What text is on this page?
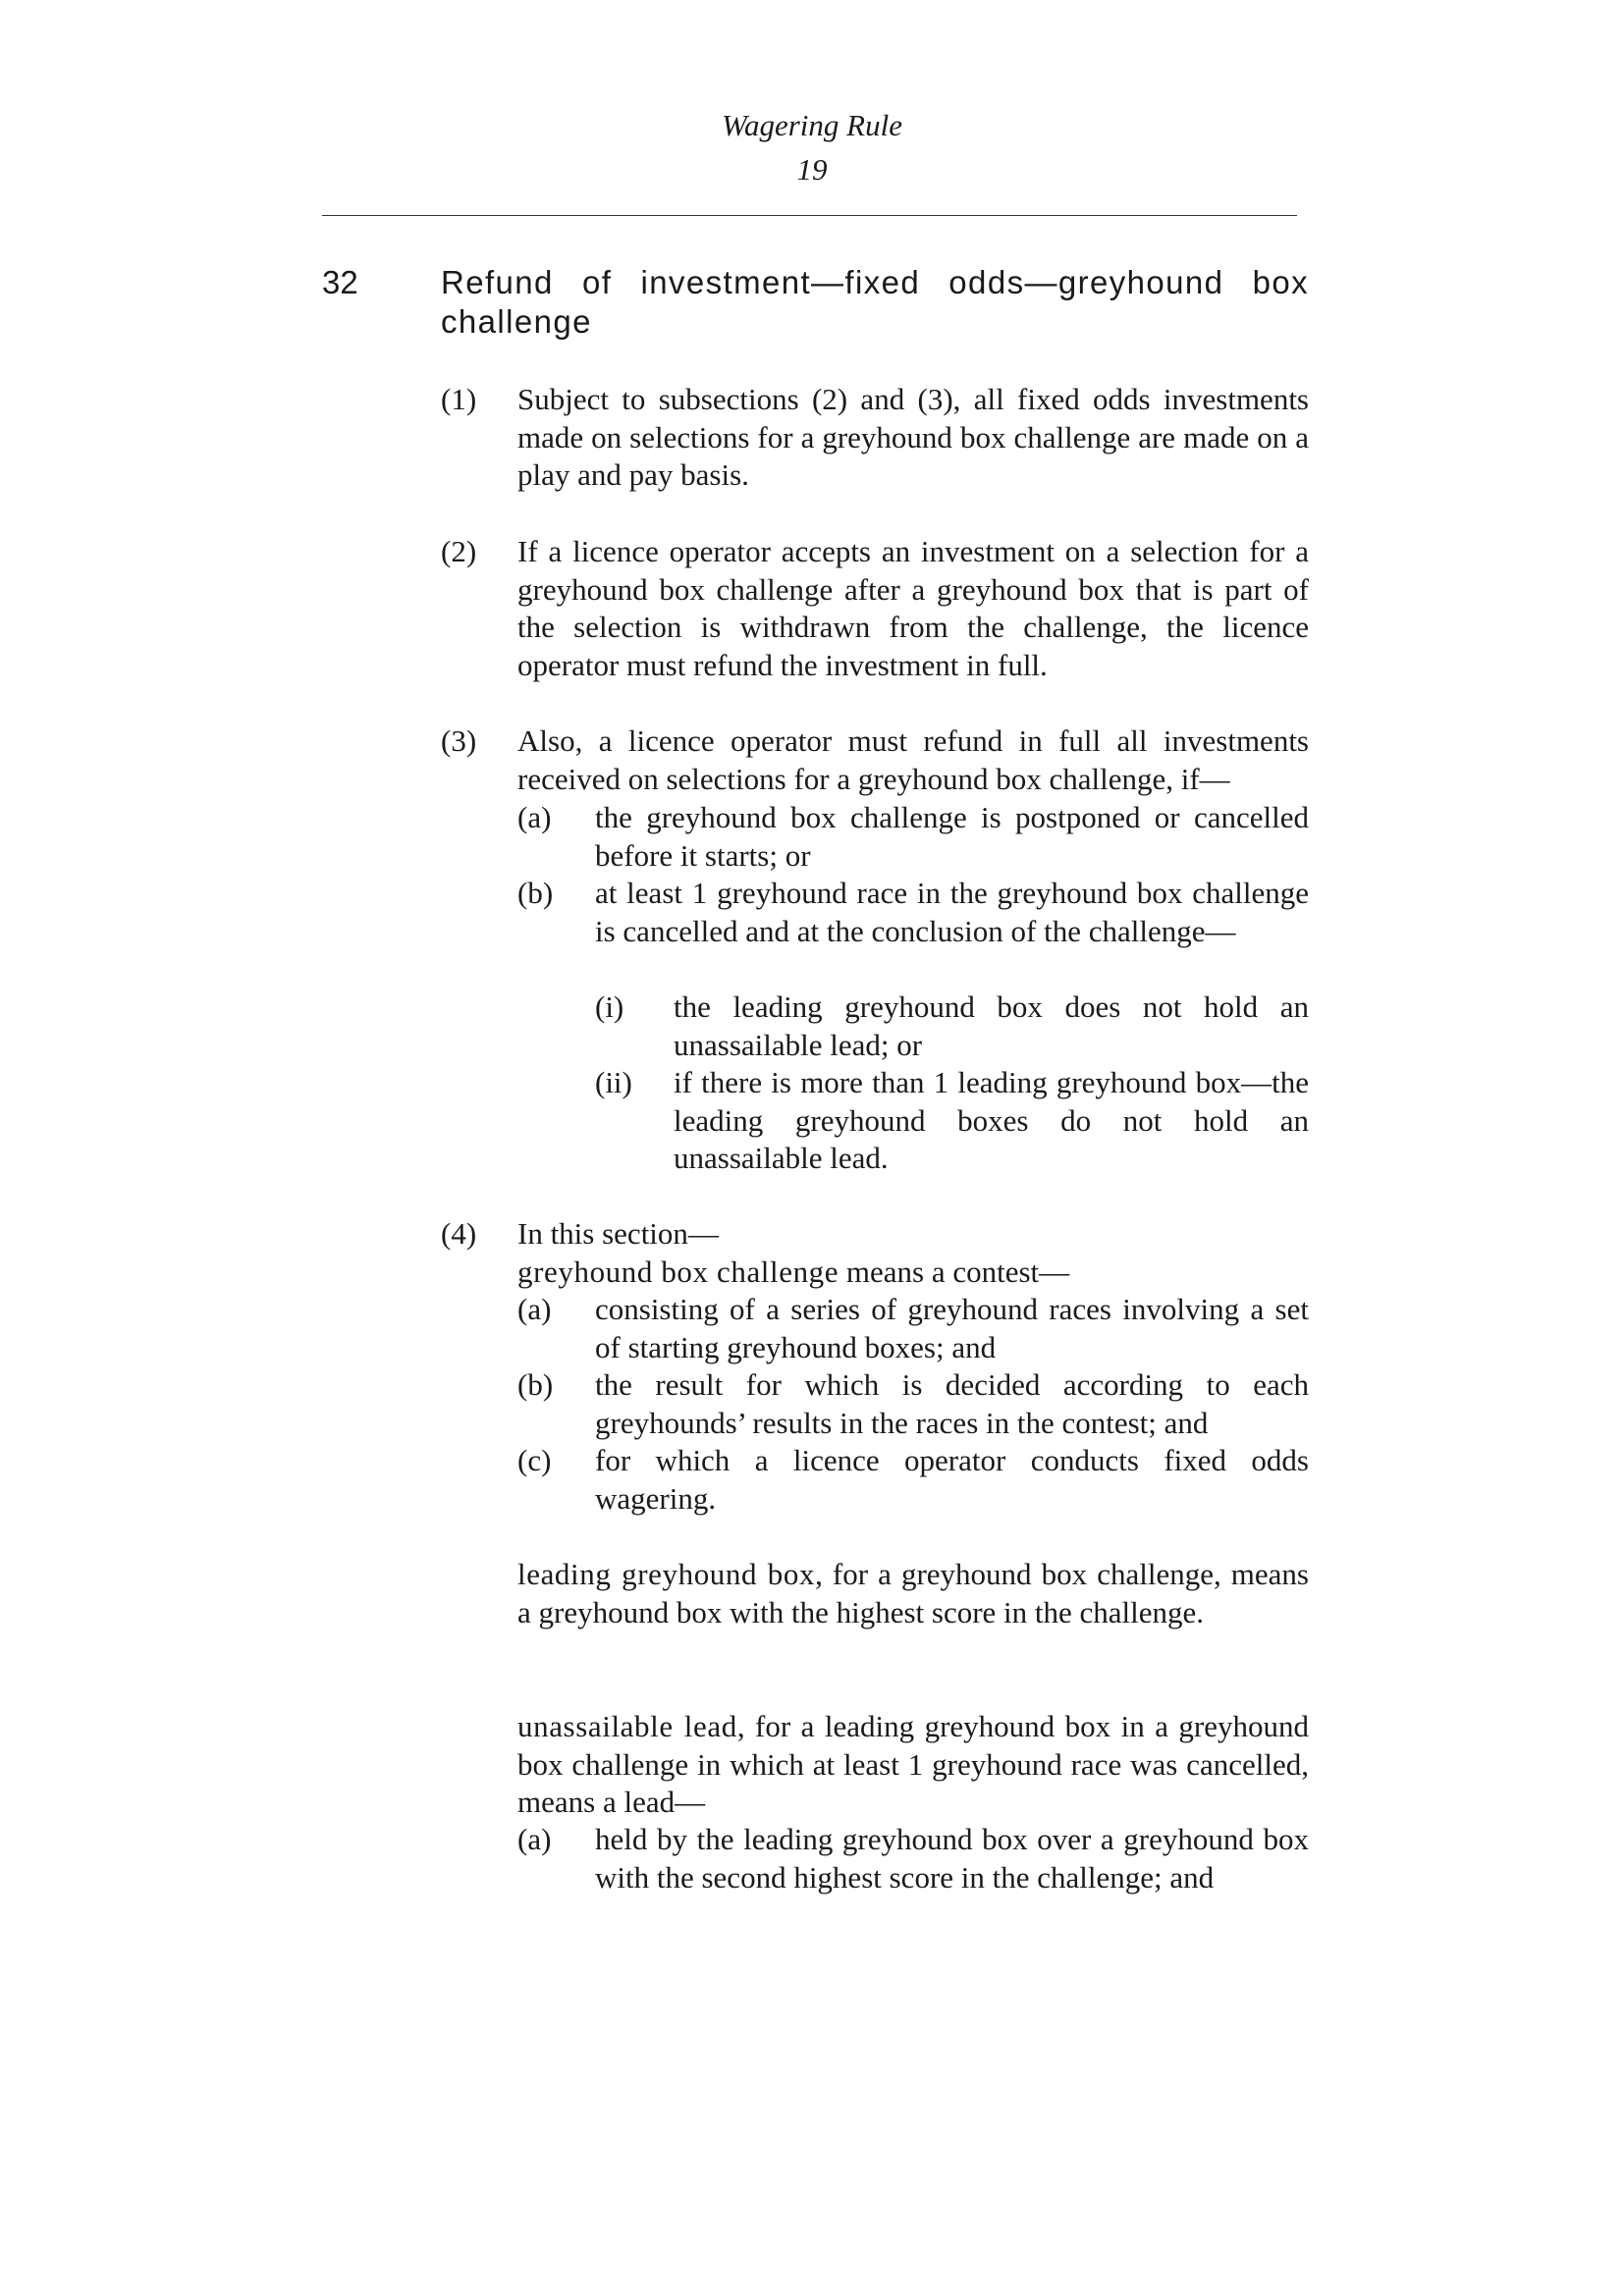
Wagering Rule
19
32	Refund of investment—fixed odds—greyhound box challenge
(1) Subject to subsections (2) and (3), all fixed odds investments made on selections for a greyhound box challenge are made on a play and pay basis.

(2) If a licence operator accepts an investment on a selection for a greyhound box challenge after a greyhound box that is part of the selection is withdrawn from the challenge, the licence operator must refund the investment in full.

(3) Also, a licence operator must refund in full all investments received on selections for a greyhound box challenge, if—

(a) the greyhound box challenge is postponed or cancelled before it starts; or

(b) at least 1 greyhound race in the greyhound box challenge is cancelled and at the conclusion of the challenge—

(i) the leading greyhound box does not hold an unassailable lead; or

(ii) if there is more than 1 leading greyhound box—the leading greyhound boxes do not hold an unassailable lead.

(4) In this section—

greyhound box challenge means a contest—

(a) consisting of a series of greyhound races involving a set of starting greyhound boxes; and

(b) the result for which is decided according to each greyhounds’ results in the races in the contest; and

(c) for which a licence operator conducts fixed odds wagering.

leading greyhound box, for a greyhound box challenge, means a greyhound box with the highest score in the challenge.

unassailable lead, for a leading greyhound box in a greyhound box challenge in which at least 1 greyhound race was cancelled, means a lead—

(a) held by the leading greyhound box over a greyhound box with the second highest score in the challenge; and
